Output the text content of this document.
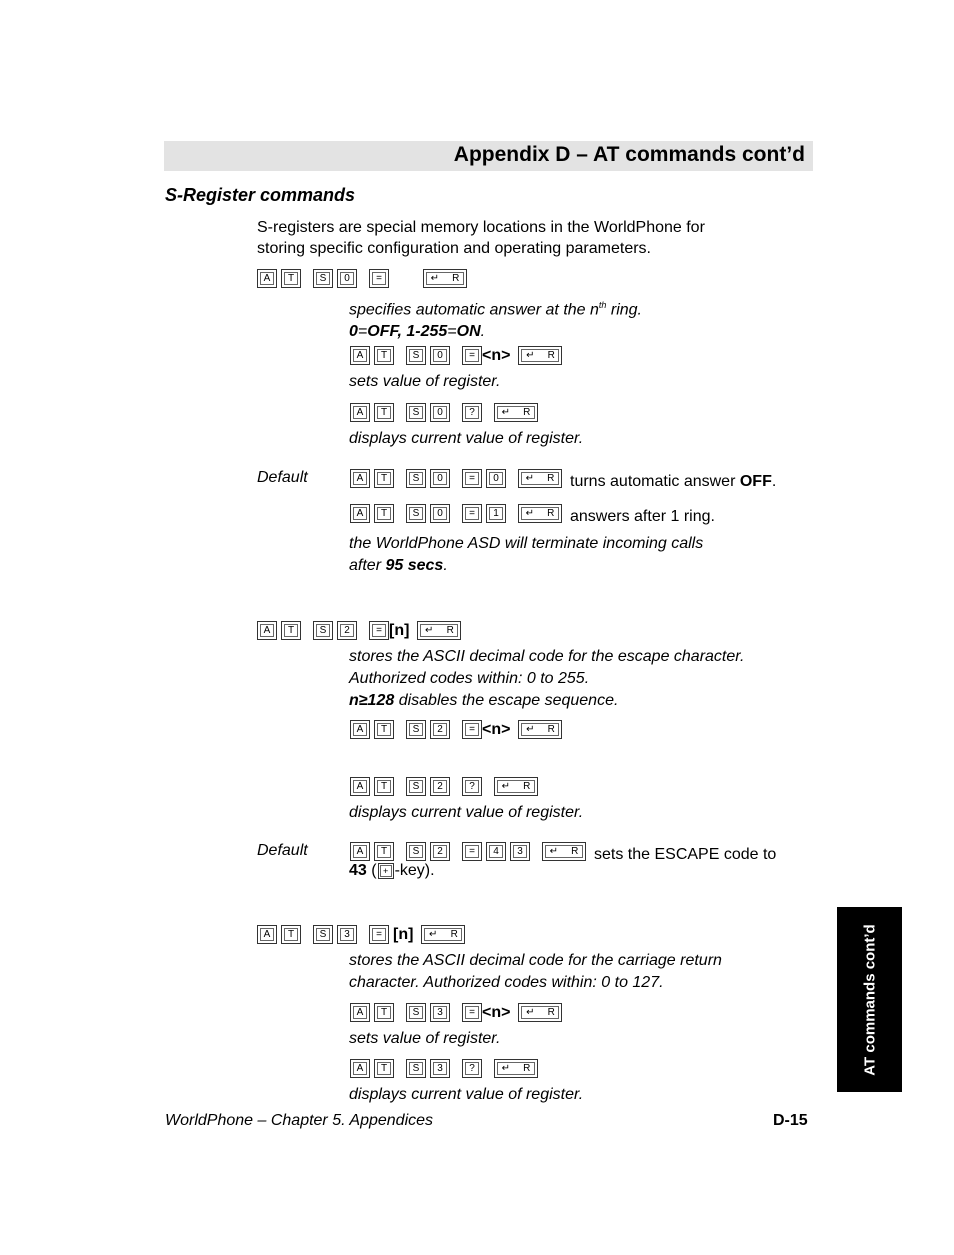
Appendix D – AT commands cont’d
S-Register commands
S-registers are special memory locations in the WorldPhone for
storing specific configuration and operating parameters.
A	T	S	0	=	↵ R
specifies automatic answer at the $n^{th}$ ring.
0=OFF, 1-255=ON.
A	T	S	0	= <n> ↵ R
sets value of register.
A	T	S	0	?	↵ R
displays current value of register.
Default	A	T	S	0	=	0	↵ R turns automatic answer OFF.
A	T	S	0	=	1	↵ R answers after 1 ring.
the WorldPhone ASD will terminate incoming calls
after 95 secs.
A	T	S	2	= [n] ↵ R
stores the ASCII decimal code for the escape character.
Authorized codes within: 0 to 255.
n≥128 disables the escape sequence.
A	T	S	2	= <n> ↵ R
A	T	S	2	?	↵ R
displays current value of register.
Default	A	T	S	2	=	4	3	↵ R sets the ESCAPE code to
43 ( + -key).
A	T	S	3	= [n] ↵ R
stores the ASCII decimal code for the carriage return
character. Authorized codes within: 0 to 127.
A	T	S	3	= <n> ↵ R
sets value of register.
A	T	S	3	?	↵ R
displays current value of register.
AT commands cont’d
WorldPhone – Chapter 5. Appendices	D-15
